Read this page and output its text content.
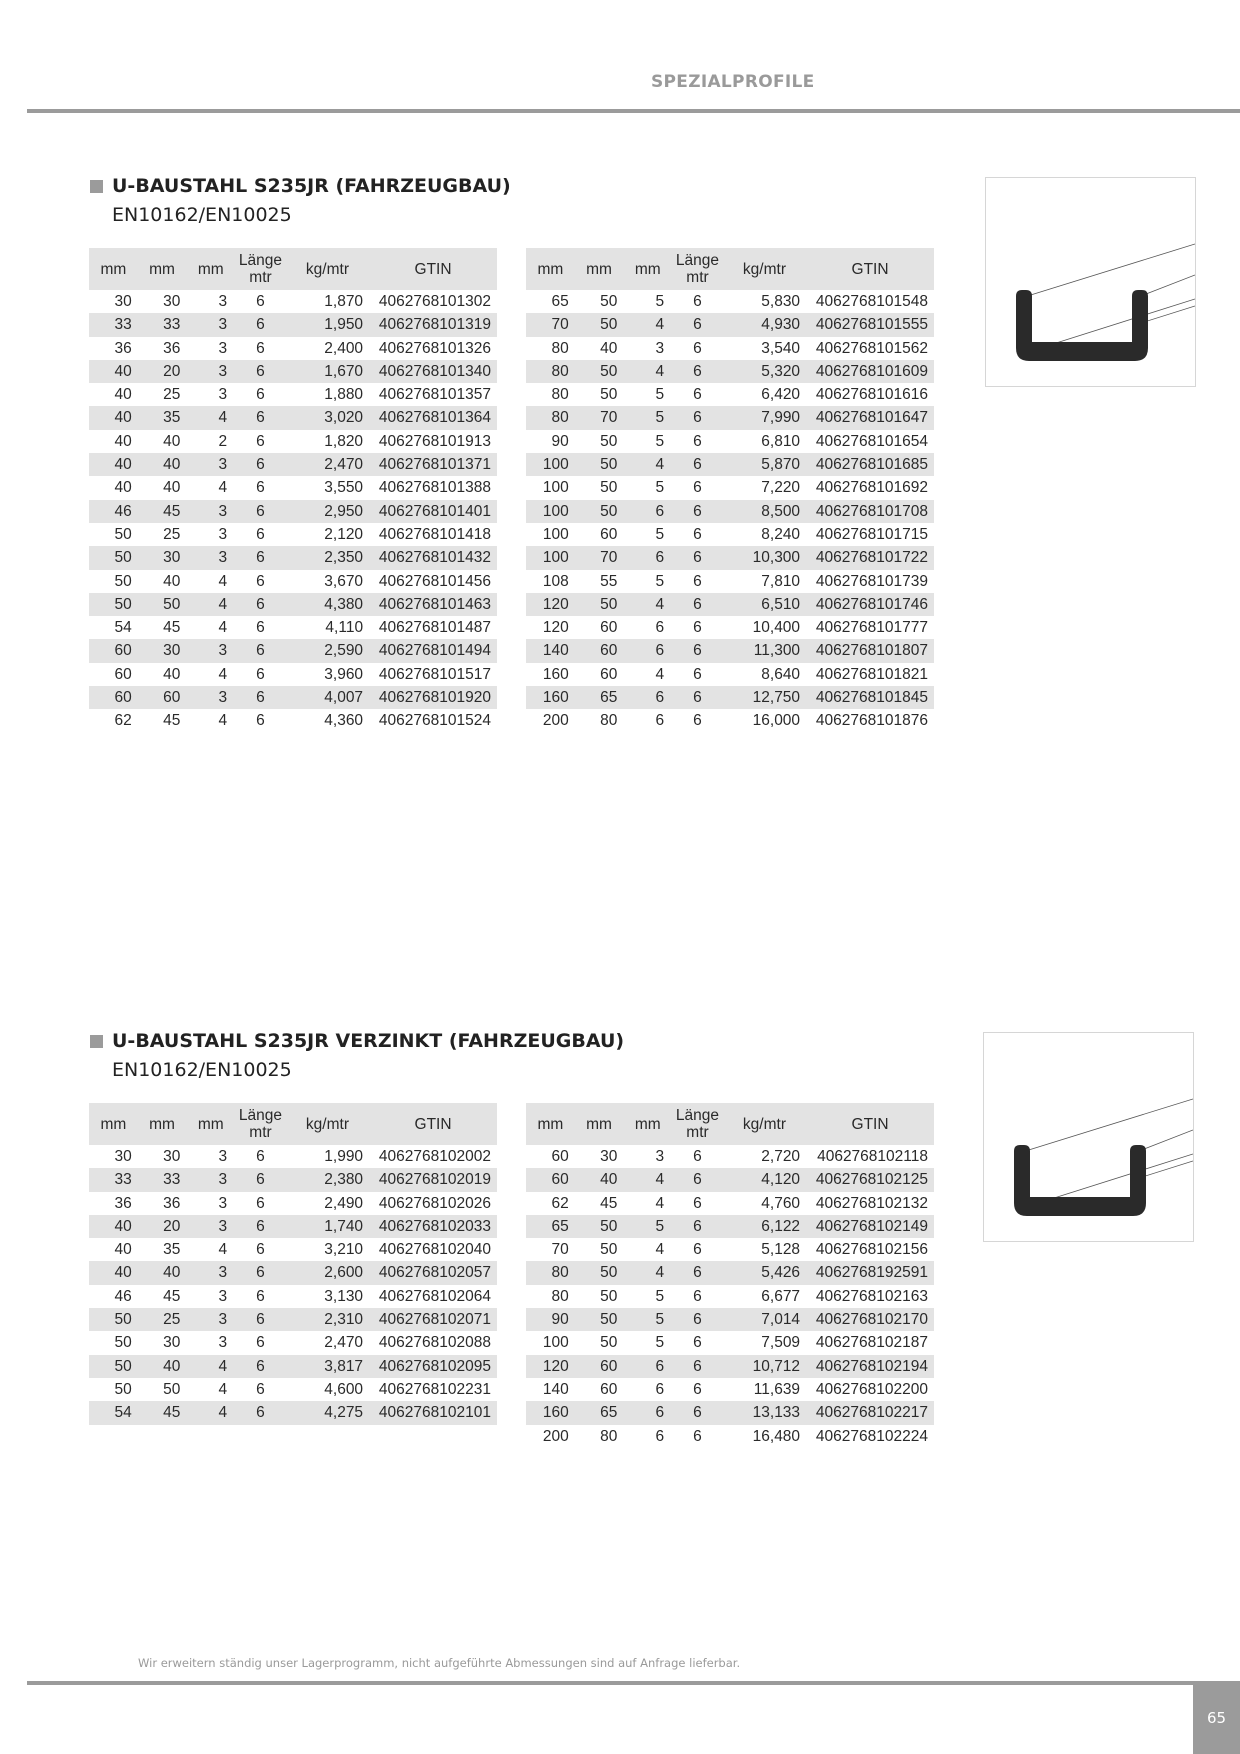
SPEZIALPROFILE
U-BAUSTAHL S235JR (FAHRZEUGBAU)
EN10162/EN10025
mm	mm	mm	Länge
mtr	kg/mtr	GTIN
30	30	3	6	1,870	4062768101302
33	33	3	6	1,950	4062768101319
36	36	3	6	2,400	4062768101326
40	20	3	6	1,670	4062768101340
40	25	3	6	1,880	4062768101357
40	35	4	6	3,020	4062768101364
40	40	2	6	1,820	4062768101913
40	40	3	6	2,470	4062768101371
40	40	4	6	3,550	4062768101388
46	45	3	6	2,950	4062768101401
50	25	3	6	2,120	4062768101418
50	30	3	6	2,350	4062768101432
50	40	4	6	3,670	4062768101456
50	50	4	6	4,380	4062768101463
54	45	4	6	4,110	4062768101487
60	30	3	6	2,590	4062768101494
60	40	4	6	3,960	4062768101517
60	60	3	6	4,007	4062768101920
62	45	4	6	4,360	4062768101524
mm	mm	mm	Länge
mtr	kg/mtr	GTIN
65	50	5	6	5,830	4062768101548
70	50	4	6	4,930	4062768101555
80	40	3	6	3,540	4062768101562
80	50	4	6	5,320	4062768101609
80	50	5	6	6,420	4062768101616
80	70	5	6	7,990	4062768101647
90	50	5	6	6,810	4062768101654
100	50	4	6	5,870	4062768101685
100	50	5	6	7,220	4062768101692
100	50	6	6	8,500	4062768101708
100	60	5	6	8,240	4062768101715
100	70	6	6	10,300	4062768101722
108	55	5	6	7,810	4062768101739
120	50	4	6	6,510	4062768101746
120	60	6	6	10,400	4062768101777
140	60	6	6	11,300	4062768101807
160	60	4	6	8,640	4062768101821
160	65	6	6	12,750	4062768101845
200	80	6	6	16,000	4062768101876
U-BAUSTAHL S235JR VERZINKT (FAHRZEUGBAU)
EN10162/EN10025
mm	mm	mm	Länge
mtr	kg/mtr	GTIN
30	30	3	6	1,990	4062768102002
33	33	3	6	2,380	4062768102019
36	36	3	6	2,490	4062768102026
40	20	3	6	1,740	4062768102033
40	35	4	6	3,210	4062768102040
40	40	3	6	2,600	4062768102057
46	45	3	6	3,130	4062768102064
50	25	3	6	2,310	4062768102071
50	30	3	6	2,470	4062768102088
50	40	4	6	3,817	4062768102095
50	50	4	6	4,600	4062768102231
54	45	4	6	4,275	4062768102101
mm	mm	mm	Länge
mtr	kg/mtr	GTIN
60	30	3	6	2,720	4062768102118
60	40	4	6	4,120	4062768102125
62	45	4	6	4,760	4062768102132
65	50	5	6	6,122	4062768102149
70	50	4	6	5,128	4062768102156
80	50	4	6	5,426	4062768192591
80	50	5	6	6,677	4062768102163
90	50	5	6	7,014	4062768102170
100	50	5	6	7,509	4062768102187
120	60	6	6	10,712	4062768102194
140	60	6	6	11,639	4062768102200
160	65	6	6	13,133	4062768102217
200	80	6	6	16,480	4062768102224
Wir erweitern ständig unser Lagerprogramm, nicht aufgeführte Abmessungen sind auf Anfrage lieferbar.
65
